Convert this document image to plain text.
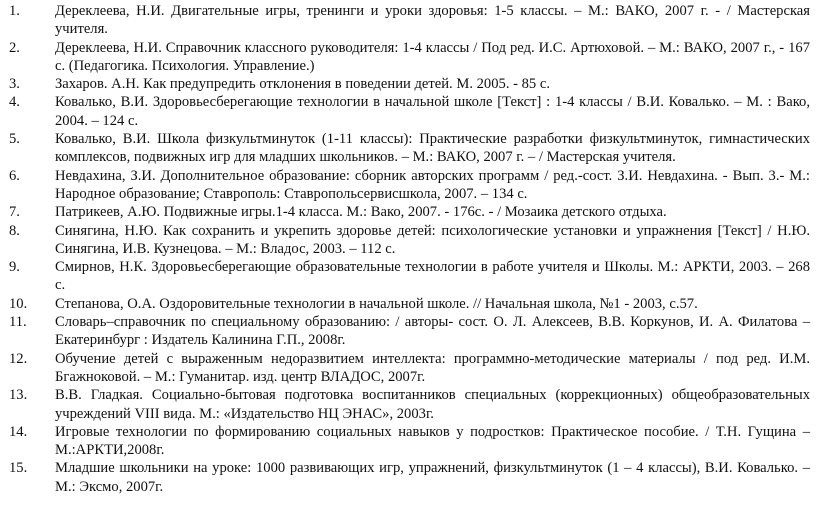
1.	Дереклеева, Н.И. Двигательные игры, тренинги и уроки здоровья: 1-5 классы. – М.: ВАКО, 2007 г. - / Мастерская учителя.
2.	Дереклеева, Н.И. Справочник классного руководителя: 1-4 классы / Под ред. И.С. Артюховой. – М.: ВАКО, 2007 г., - 167 с. (Педагогика. Психология. Управление.)
3.	Захаров. А.Н. Как предупредить отклонения в поведении детей. М. 2005. - 85 с.
4.	Ковалько, В.И. Здоровьесберегающие технологии в начальной школе [Текст] : 1-4 классы / В.И. Ковалько. – М. : Вако, 2004. – 124 с.
5.	Ковалько, В.И. Школа физкультминуток (1-11 классы): Практические разработки физкультминуток, гимнастических комплексов, подвижных игр для младших школьников. – М.: ВАКО, 2007 г. – / Мастерская учителя.
6.	Невдахина, З.И. Дополнительное образование: сборник авторских программ / ред.-сост. З.И. Невдахина. - Вып. 3.- М.: Народное образование; Ставрополь: Ставропольсервисшкола, 2007. – 134 с.
7.	Патрикеев, А.Ю. Подвижные игры.1-4 класса. М.: Вако, 2007. - 176с. - / Мозаика детского отдыха.
8.	Синягина, Н.Ю. Как сохранить и укрепить здоровье детей: психологические установки и упражнения [Текст] / Н.Ю. Синягина, И.В. Кузнецова. – М.: Владос, 2003. – 112 с.
9.	Смирнов, Н.К. Здоровьесберегающие образовательные технологии в работе учителя и Школы. М.: АРКТИ, 2003. – 268 с.
10.	Степанова, О.А. Оздоровительные технологии в начальной школе. // Начальная школа, №1 - 2003, с.57.
11.	Словарь–справочник по специальному образованию: / авторы- сост. О. Л. Алексеев, В.В. Коркунов, И. А. Филатова – Екатеринбург : Издатель Калинина Г.П., 2008г.
12.	Обучение детей с выраженным недоразвитием интеллекта: программно-методические материалы / под ред. И.М. Бгажноковой. – М.: Гуманитар. изд. центр ВЛАДОС, 2007г.
13.	В.В. Гладкая. Социально-бытовая подготовка воспитанников специальных (коррекционных) общеобразовательных учреждений VIII вида. М.: «Издательство НЦ ЭНАС», 2003г.
14.	Игровые технологии по формированию социальных навыков у подростков: Практическое пособие. / Т.Н. Гущина – М.:АРКТИ,2008г.
15.	Младшие школьники на уроке: 1000 развивающих игр, упражнений, физкультминуток (1 – 4 классы), В.И. Ковалько. – М.: Эксмо, 2007г.
